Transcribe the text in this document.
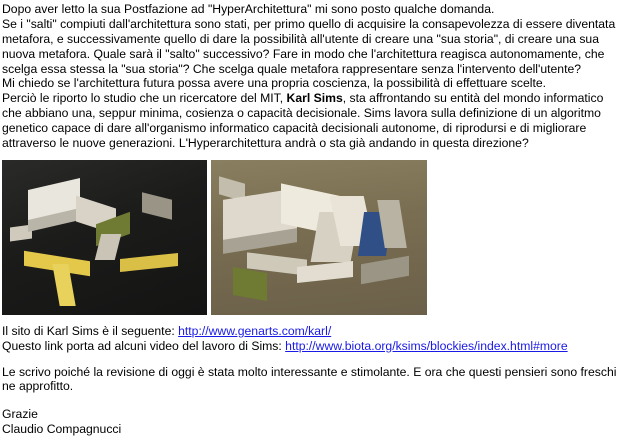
Dopo aver letto la sua Postfazione ad "HyperArchitettura" mi sono posto qualche domanda.

Se i "salti" compiuti dall'architettura sono stati, per primo quello di acquisire la consapevolezza di essere diventata metafora, e successivamente quello di dare la possibilità all'utente di creare una "sua storia", di creare una sua nuova metafora. Quale sarà il "salto" successivo? Fare in modo che l'architettura reagisca autonomamente, che scelga essa stessa la "sua storia"? Che scelga quale metafora rappresentare senza l'intervento dell'utente?

Mi chiedo se l'architettura futura possa avere una propria coscienza, la possibilità di effettuare scelte.

Perciò le riporto lo studio che un ricercatore del MIT, Karl Sims, sta affrontando su entità del mondo informatico che abbiano una, seppur minima, cosienza o capacità decisionale. Sims lavora sulla definizione di un algoritmo genetico capace di dare all'organismo informatico capacità decisionali autonome, di riprodursi e di migliorare attraverso le nuove generazioni. L'Hyperarchitettura andrà o sta già andando in questa direzione?

Il sito di Karl Sims è il seguente: http://www.genarts.com/karl/

Questo link porta ad alcuni video del lavoro di Sims: http://www.biota.org/ksims/blockies/index.html#more

Le scrivo poiché la revisione di oggi è stata molto interessante e stimolante. E ora che questi pensieri sono freschi ne approfitto.

Grazie

Claudio Compagnucci
